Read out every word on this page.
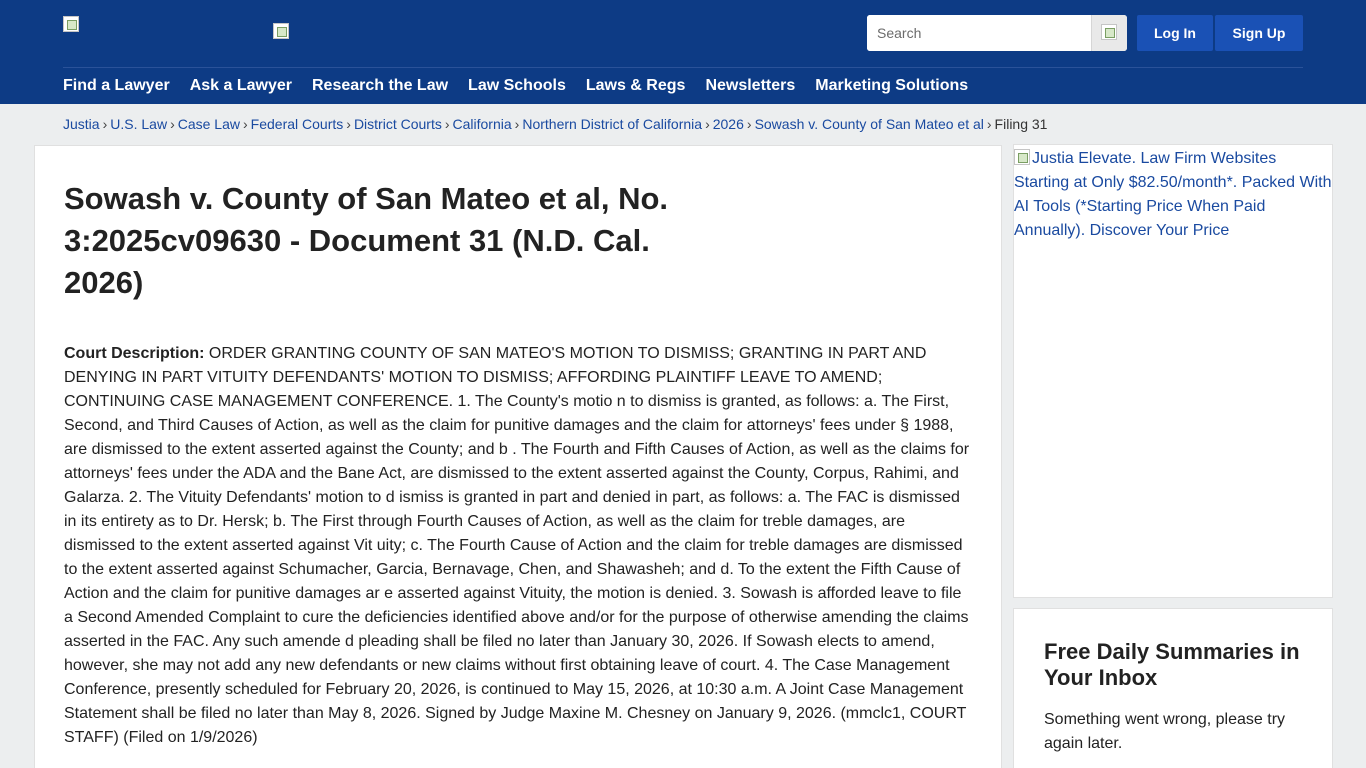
Search
Log In	Sign Up
Find a Lawyer Ask a Lawyer Research the Law Law Schools Laws & Regs Newsletters Marketing Solutions
Justia › U.S. Law › Case Law › Federal Courts › District Courts › California › Northern District of California › 2026 › Sowash v. County of San Mateo et al › Filing 31
Sowash v. County of San Mateo et al, No. 3:2025cv09630 - Document 31 (N.D. Cal. 2026)

Court Description: ORDER GRANTING COUNTY OF SAN MATEO'S MOTION TO DISMISS; GRANTING IN PART AND DENYING IN PART VITUITY DEFENDANTS' MOTION TO DISMISS; AFFORDING PLAINTIFF LEAVE TO AMEND; CONTINUING CASE MANAGEMENT CONFERENCE. 1. The County's motio n to dismiss is granted, as follows: a. The First, Second, and Third Causes of Action, as well as the claim for punitive damages and the claim for attorneys' fees under § 1988, are dismissed to the extent asserted against the County; and b . The Fourth and Fifth Causes of Action, as well as the claims for attorneys' fees under the ADA and the Bane Act, are dismissed to the extent asserted against the County, Corpus, Rahimi, and Galarza. 2. The Vituity Defendants' motion to d ismiss is granted in part and denied in part, as follows: a. The FAC is dismissed in its entirety as to Dr. Hersk; b. The First through Fourth Causes of Action, as well as the claim for treble damages, are dismissed to the extent asserted against Vit uity; c. The Fourth Cause of Action and the claim for treble damages are dismissed to the extent asserted against Schumacher, Garcia, Bernavage, Chen, and Shawasheh; and d. To the extent the Fifth Cause of Action and the claim for punitive damages ar e asserted against Vituity, the motion is denied. 3. Sowash is afforded leave to file a Second Amended Complaint to cure the deficiencies identified above and/or for the purpose of otherwise amending the claims asserted in the FAC. Any such amende d pleading shall be filed no later than January 30, 2026. If Sowash elects to amend, however, she may not add any new defendants or new claims without first obtaining leave of court. 4. The Case Management Conference, presently scheduled for February 20, 2026, is continued to May 15, 2026, at 10:30 a.m. A Joint Case Management Statement shall be filed no later than May 8, 2026. Signed by Judge Maxine M. Chesney on January 9, 2026. (mmclc1, COURT STAFF) (Filed on 1/9/2026)

Justia Elevate. Law Firm Websites Starting at Only $82.50/month*. Packed With AI Tools (*Starting Price When Paid Annually). Discover Your Price
Free Daily Summaries in Your Inbox

Something went wrong, please try again later.
